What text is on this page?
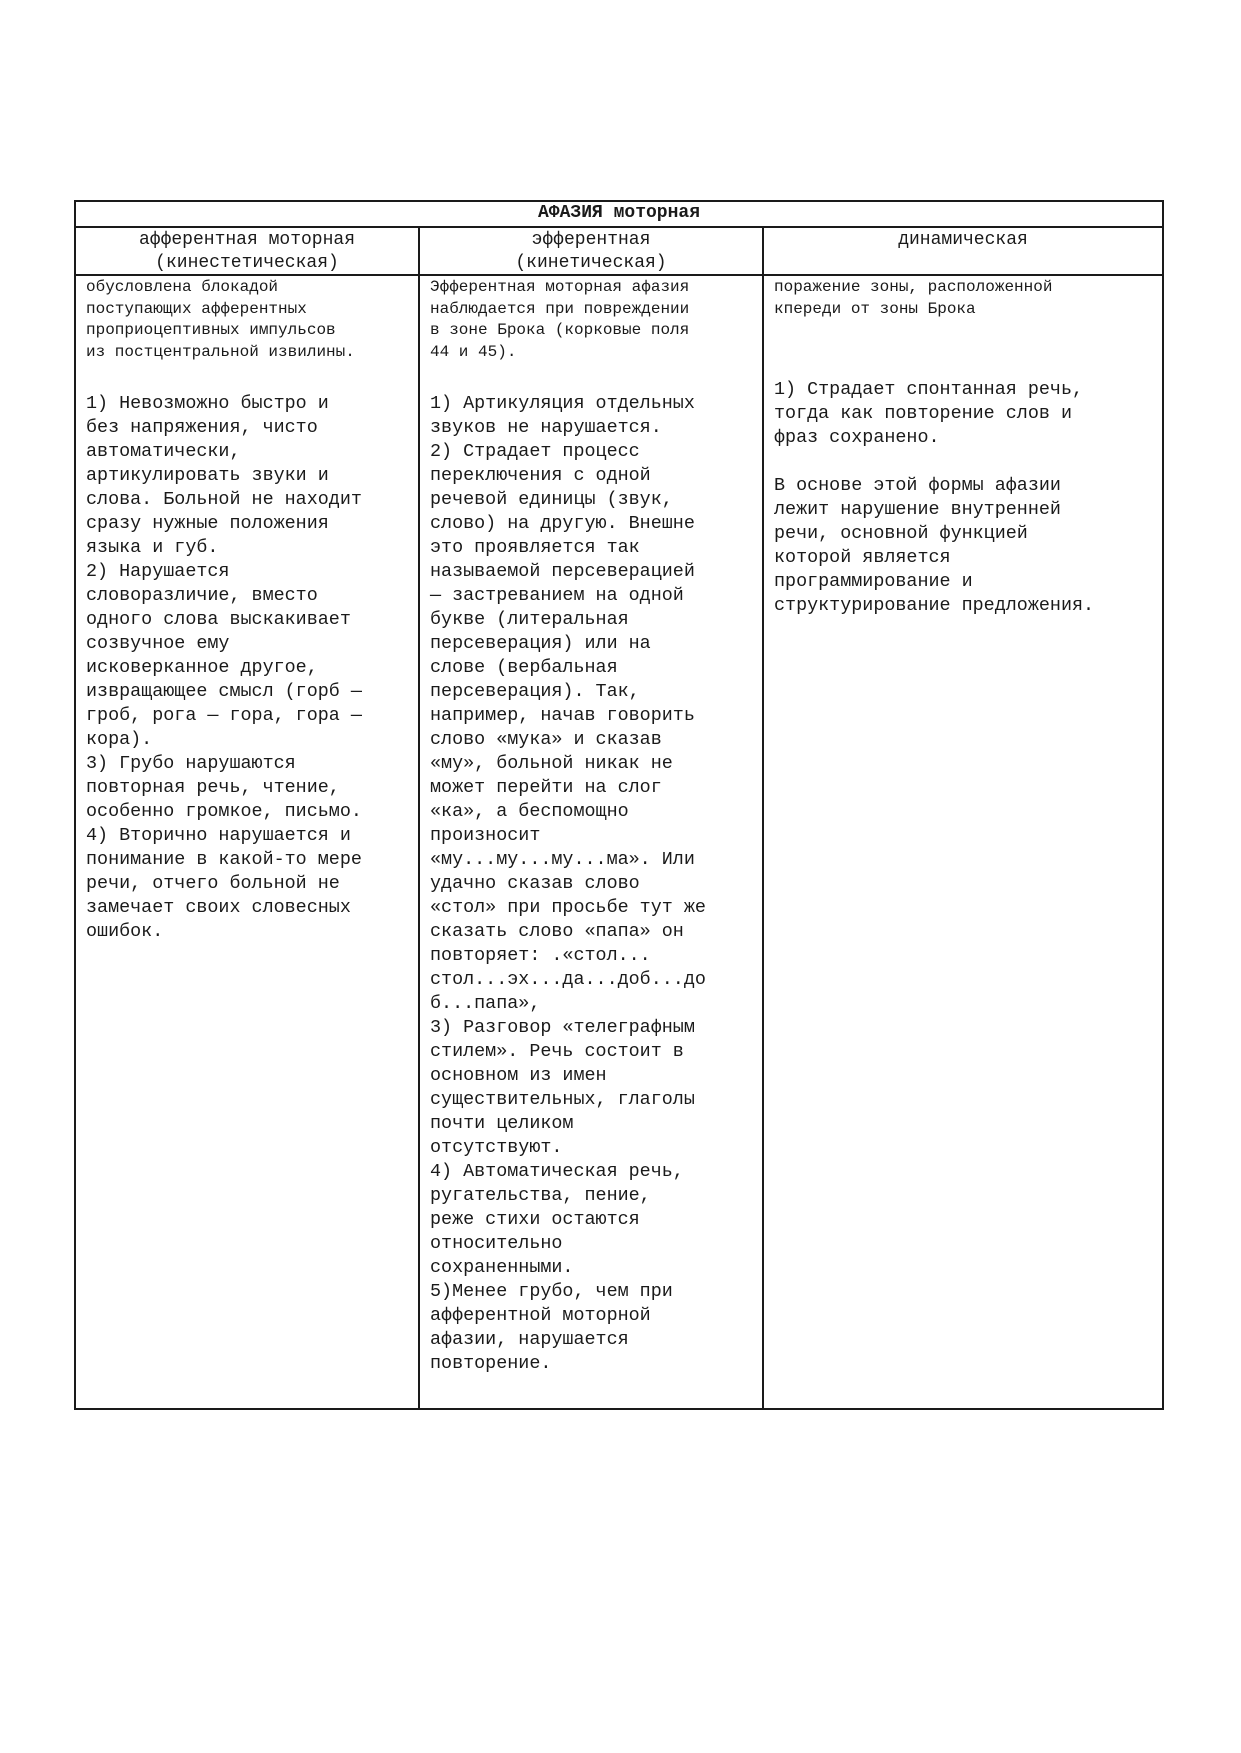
АФАЗИЯ моторная
афферентная моторная
(кинестетическая)
обусловлена блокадой
поступающих афферентных
проприоцептивных импульсов
из постцентральной извилины.
1) Невозможно быстро и
без напряжения, чисто
автоматически,
артикулировать звуки и
слова. Больной не находит
сразу нужные положения
языка и губ.
2) Нарушается
словоразличие, вместо
одного слова выскакивает
созвучное ему
исковерканное другое,
извращающее смысл (горб —
гроб, рога — гора, гора —
кора).
3) Грубо нарушаются
повторная речь, чтение,
особенно громкое, письмо.
4) Вторично нарушается и
понимание в какой-то мере
речи, отчего больной не
замечает своих словесных
ошибок.
эфферентная
(кинетическая)
Эфферентная моторная афазия
наблюдается при повреждении
в зоне Брока (корковые поля
44 и 45).
1) Артикуляция отдельных
звуков не нарушается.
2) Страдает процесс
переключения с одной
речевой единицы (звук,
слово) на другую. Внешне
это проявляется так
называемой персеверацией
— застреванием на одной
букве (литеральная
персеверация) или на
слове (вербальная
персеверация). Так,
например, начав говорить
слово «мука» и сказав
«му», больной никак не
может перейти на слог
«ка», а беспомощно
произносит
«му...му...му...ма». Или
удачно сказав слово
«стол» при просьбе тут же
сказать слово «папа» он
повторяет: .«стол...
стол...эх...да...доб...до
б...папа»,
3) Разговор «телеграфным
стилем». Речь состоит в
основном из имен
существительных, глаголы
почти целиком
отсутствуют.
4) Автоматическая речь,
ругательства, пение,
реже стихи остаются
относительно
сохраненными.
5)Менее грубо, чем при
афферентной моторной
афазии, нарушается
повторение.
динамическая
поражение зоны, расположенной
кпереди от зоны Брока
1) Страдает спонтанная речь,
тогда как повторение слов и
фраз сохранено.
В основе этой формы афазии
лежит нарушение внутренней
речи, основной функцией
которой является
программирование и
структурирование предложения.
